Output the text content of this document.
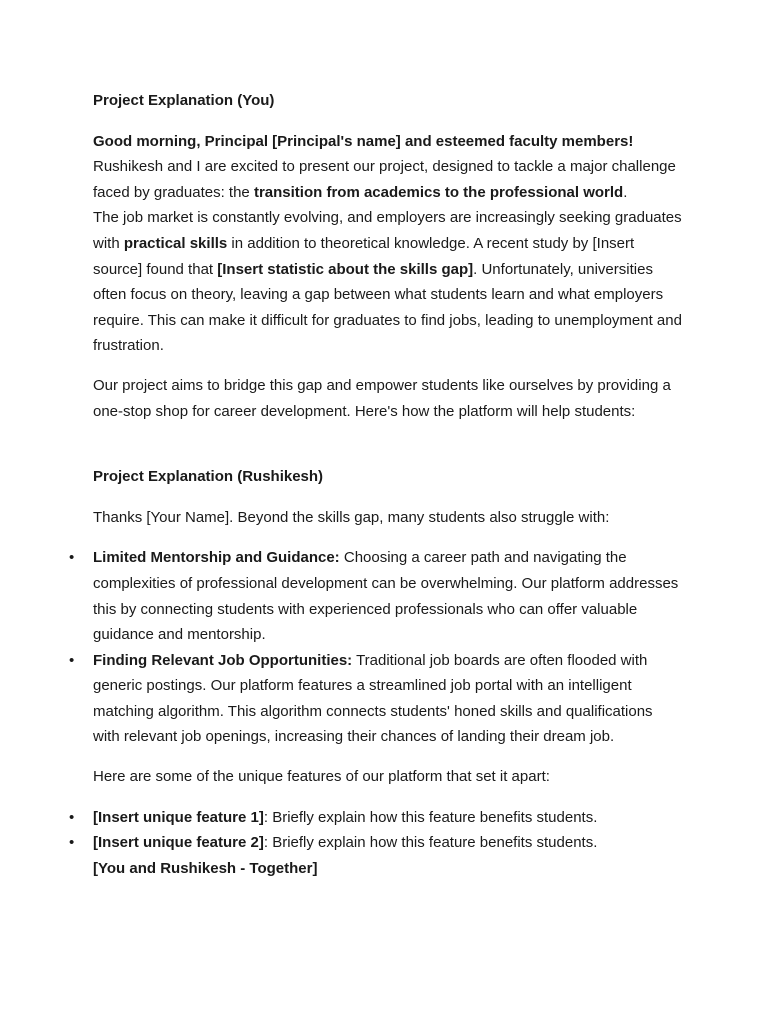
Project Explanation (You)

Good morning, Principal [Principal's name] and esteemed faculty members!

Rushikesh and I are excited to present our project, designed to tackle a major challenge faced by graduates: the transition from academics to the professional world.

The job market is constantly evolving, and employers are increasingly seeking graduates with practical skills in addition to theoretical knowledge. A recent study by [Insert source] found that [Insert statistic about the skills gap]. Unfortunately, universities often focus on theory, leaving a gap between what students learn and what employers require. This can make it difficult for graduates to find jobs, leading to unemployment and frustration.

Our project aims to bridge this gap and empower students like ourselves by providing a one-stop shop for career development. Here's how the platform will help students:

Project Explanation (Rushikesh)

Thanks [Your Name]. Beyond the skills gap, many students also struggle with:

• Limited Mentorship and Guidance: Choosing a career path and navigating the complexities of professional development can be overwhelming. Our platform addresses this by connecting students with experienced professionals who can offer valuable guidance and mentorship.
• Finding Relevant Job Opportunities: Traditional job boards are often flooded with generic postings. Our platform features a streamlined job portal with an intelligent matching algorithm. This algorithm connects students' honed skills and qualifications with relevant job openings, increasing their chances of landing their dream job.

Here are some of the unique features of our platform that set it apart:

• [Insert unique feature 1]: Briefly explain how this feature benefits students.
• [Insert unique feature 2]: Briefly explain how this feature benefits students.

[You and Rushikesh - Together]
